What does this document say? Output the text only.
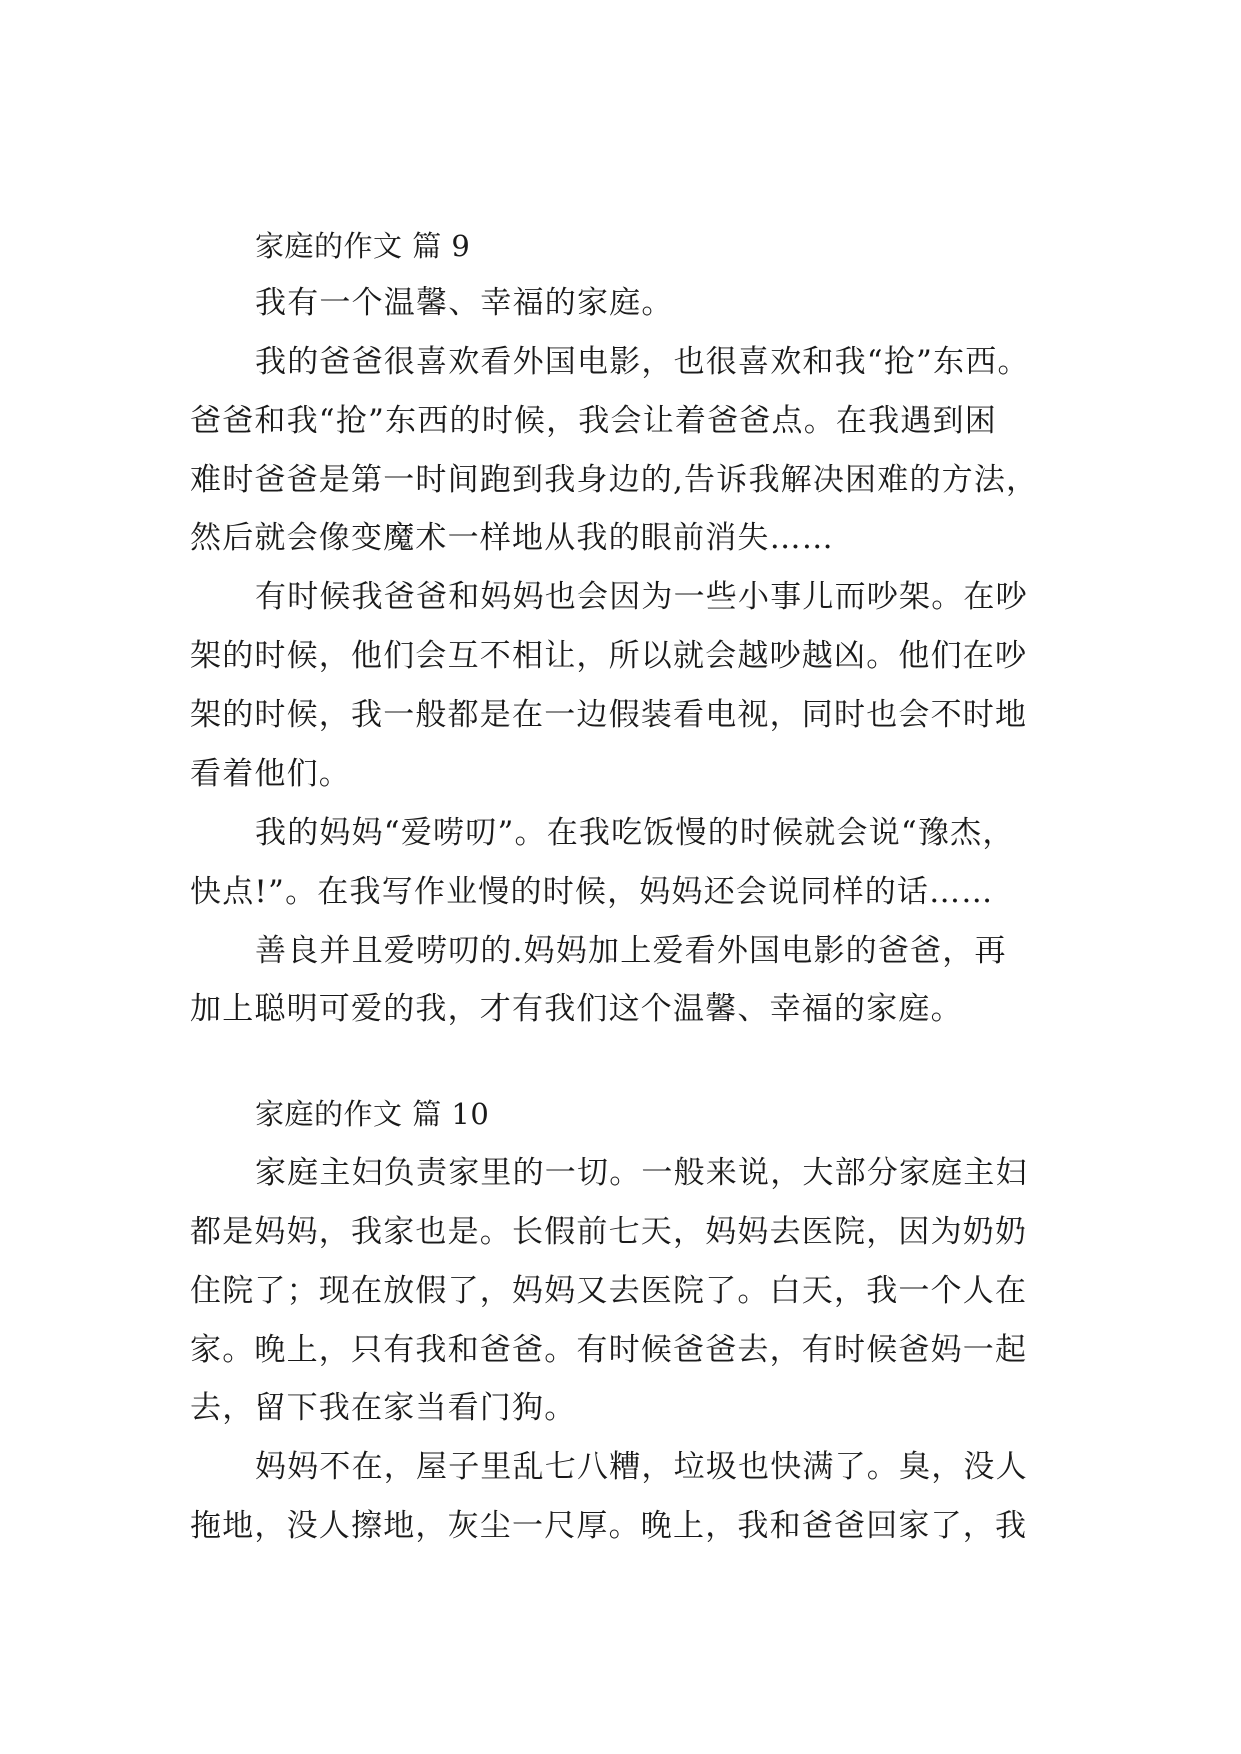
家庭的作文 篇 9
我有一个温馨、幸福的家庭。
我的爸爸很喜欢看外国电影，也很喜欢和我“抢”东西。
爸爸和我“抢”东西的时候，我会让着爸爸点。在我遇到困
难时爸爸是第一时间跑到我身边的,告诉我解决困难的方法，
然后就会像变魔术一样地从我的眼前消失……
有时候我爸爸和妈妈也会因为一些小事儿而吵架。在吵
架的时候，他们会互不相让，所以就会越吵越凶。他们在吵
架的时候，我一般都是在一边假装看电视，同时也会不时地
看着他们。
我的妈妈“爱唠叨”。在我吃饭慢的时候就会说“豫杰，
快点!”。在我写作业慢的时候，妈妈还会说同样的话……
善良并且爱唠叨的.妈妈加上爱看外国电影的爸爸，再
加上聪明可爱的我，才有我们这个温馨、幸福的家庭。
家庭的作文 篇 10
家庭主妇负责家里的一切。一般来说，大部分家庭主妇
都是妈妈，我家也是。长假前七天，妈妈去医院，因为奶奶
住院了；现在放假了，妈妈又去医院了。白天，我一个人在
家。晚上，只有我和爸爸。有时候爸爸去，有时候爸妈一起
去，留下我在家当看门狗。
妈妈不在，屋子里乱七八糟，垃圾也快满了。臭，没人
拖地，没人擦地，灰尘一尺厚。晚上，我和爸爸回家了，我
